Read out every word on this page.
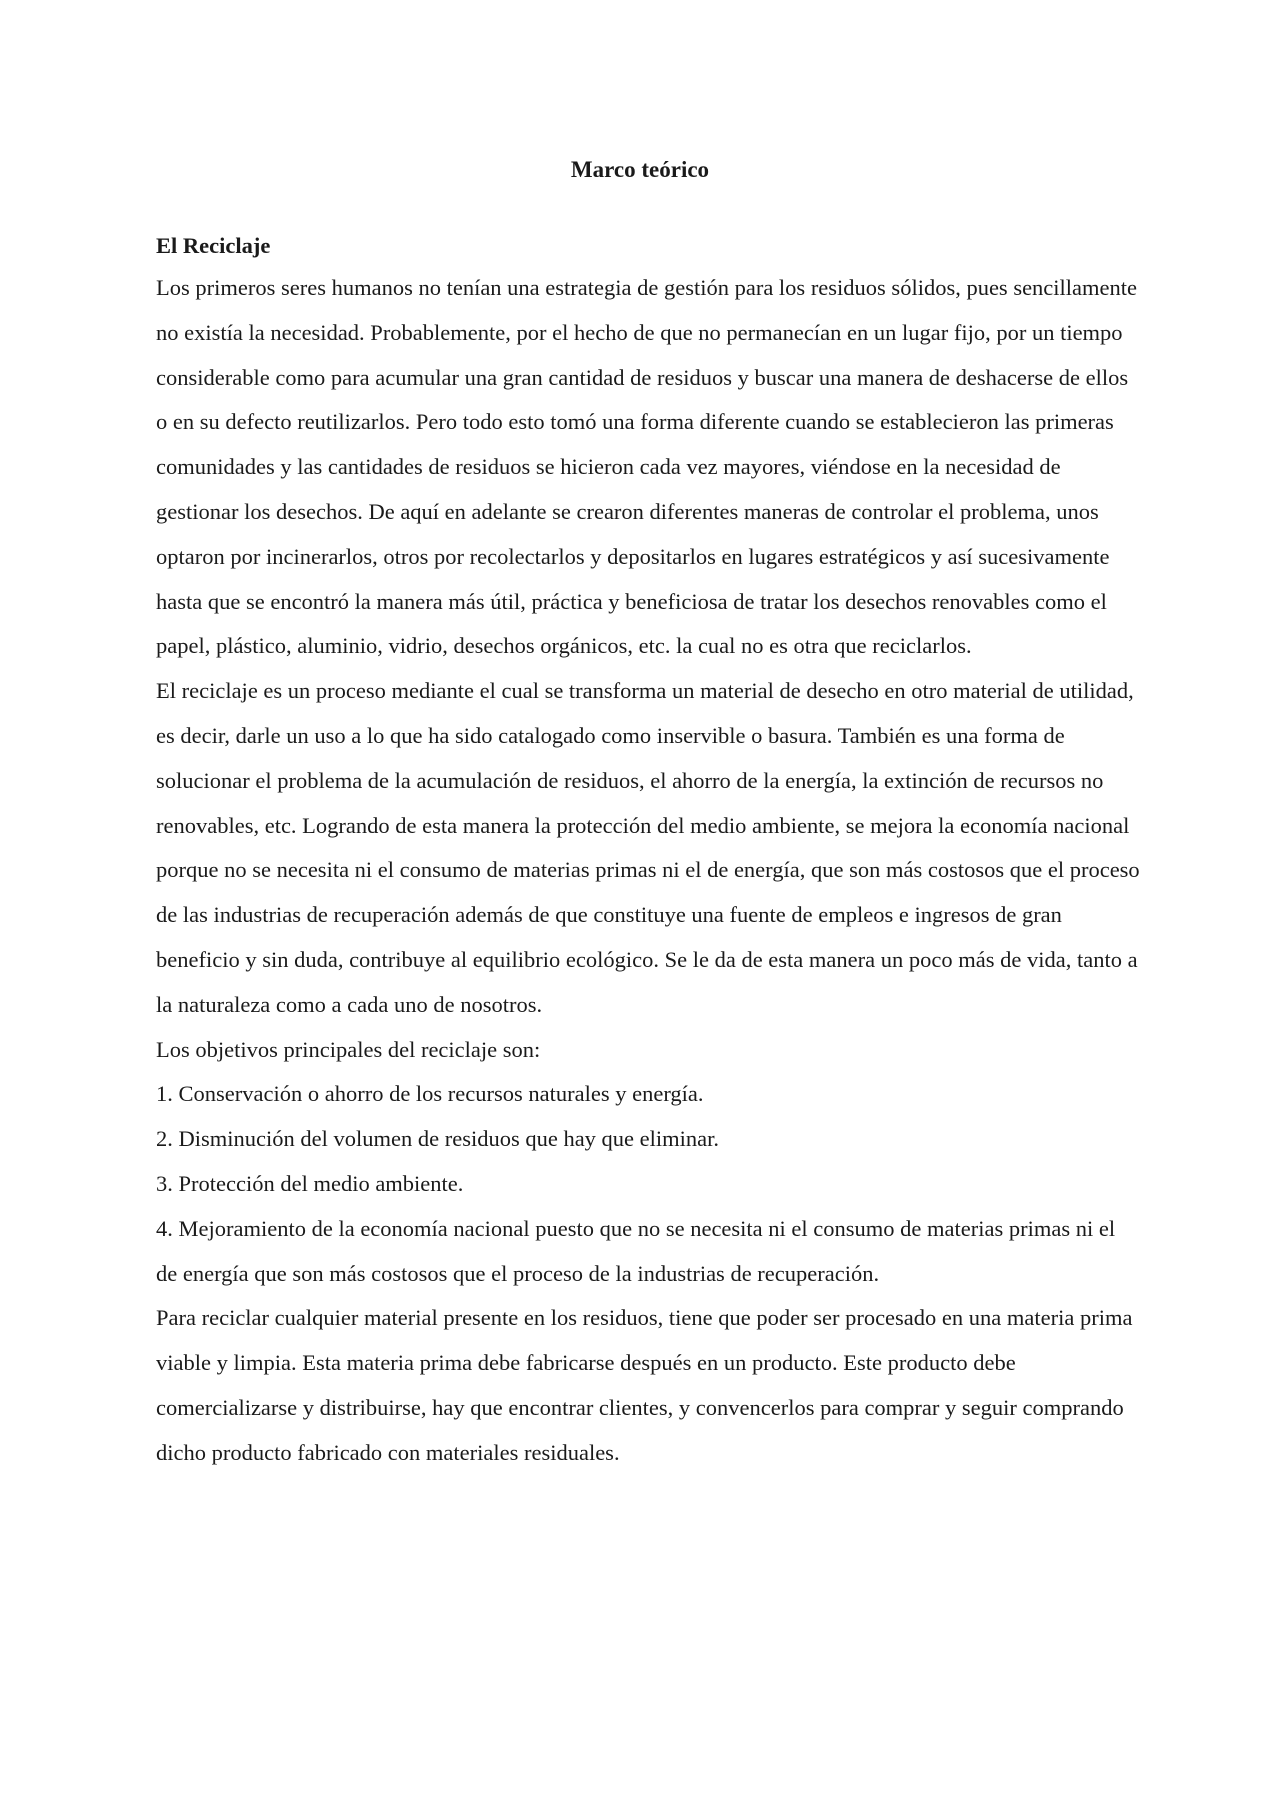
Marco teórico
El Reciclaje

Los primeros seres humanos no tenían una estrategia de gestión para los residuos sólidos, pues sencillamente no existía la necesidad. Probablemente, por el hecho de que no permanecían en un lugar fijo, por un tiempo considerable como para acumular una gran cantidad de residuos y buscar una manera de deshacerse de ellos o en su defecto reutilizarlos. Pero todo esto tomó una forma diferente cuando se establecieron las primeras comunidades y las cantidades de residuos se hicieron cada vez mayores, viéndose en la necesidad de gestionar los desechos. De aquí en adelante se crearon diferentes maneras de controlar el problema, unos optaron por incinerarlos, otros por recolectarlos y depositarlos en lugares estratégicos y así sucesivamente hasta que se encontró la manera más útil, práctica y beneficiosa de tratar los desechos renovables como el papel, plástico, aluminio, vidrio, desechos orgánicos, etc. la cual no es otra que reciclarlos.

El reciclaje es un proceso mediante el cual se transforma un material de desecho en otro material de utilidad, es decir, darle un uso a lo que ha sido catalogado como inservible o basura. También es una forma de solucionar el problema de la acumulación de residuos, el ahorro de la energía, la extinción de recursos no renovables, etc. Logrando de esta manera la protección del medio ambiente, se mejora la economía nacional porque no se necesita ni el consumo de materias primas ni el de energía, que son más costosos que el proceso de las industrias de recuperación además de que constituye una fuente de empleos e ingresos de gran beneficio y sin duda, contribuye al equilibrio ecológico. Se le da de esta manera un poco más de vida, tanto a la naturaleza como a cada uno de nosotros.

Los objetivos principales del reciclaje son:

1. Conservación o ahorro de los recursos naturales y energía.

2. Disminución del volumen de residuos que hay que eliminar.

3. Protección del medio ambiente.

4. Mejoramiento de la economía nacional puesto que no se necesita ni el consumo de materias primas ni el de energía que son más costosos que el proceso de la industrias de recuperación.

Para reciclar cualquier material presente en los residuos, tiene que poder ser procesado en una materia prima viable y limpia. Esta materia prima debe fabricarse después en un producto. Este producto debe comercializarse y distribuirse, hay que encontrar clientes, y convencerlos para comprar y seguir comprando dicho producto fabricado con materiales residuales.
